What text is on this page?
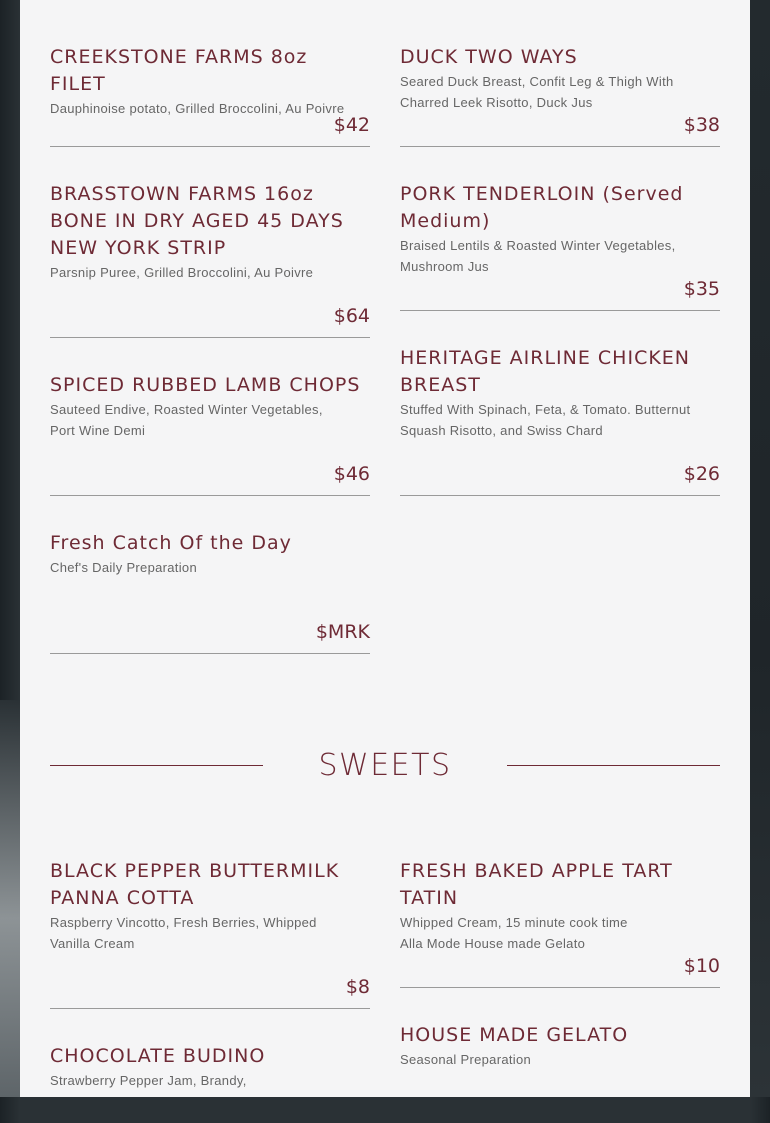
CREEKSTONE FARMS 8oz FILET
Dauphinoise potato, Grilled Broccolini, Au Poivre
$42
DUCK TWO WAYS
Seared Duck Breast, Confit Leg & Thigh With Charred Leek Risotto, Duck Jus
$38
BRASSTOWN FARMS 16oz BONE IN DRY AGED 45 DAYS NEW YORK STRIP
Parsnip Puree, Grilled Broccolini, Au Poivre
$64
PORK TENDERLOIN (Served Medium)
Braised Lentils & Roasted Winter Vegetables, Mushroom Jus
$35
SPICED RUBBED LAMB CHOPS
Sauteed Endive, Roasted Winter Vegetables, Port Wine Demi
$46
HERITAGE AIRLINE CHICKEN BREAST
Stuffed With Spinach, Feta, & Tomato. Butternut Squash Risotto, and Swiss Chard
$26
Fresh Catch Of the Day
Chef's Daily Preparation
$MRK
BLACK PEPPER BUTTERMILK PANNA COTTA
Raspberry Vincotto, Fresh Berries, Whipped Vanilla Cream
$8
FRESH BAKED APPLE TART TATIN
Whipped Cream, 15 minute cook time Alla Mode House made Gelato
$10
CHOCOLATE BUDINO
Strawberry Pepper Jam, Brandy,
HOUSE MADE GELATO
Seasonal Preparation
SWEETS
